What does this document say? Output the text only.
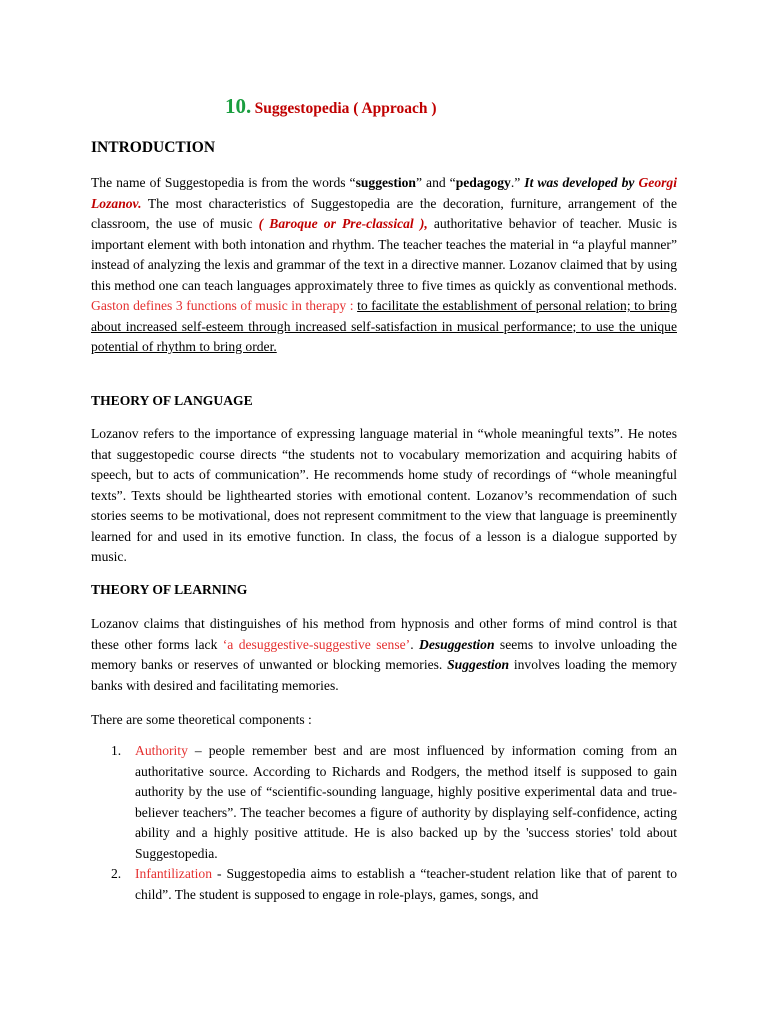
10. Suggestopedia ( Approach )
INTRODUCTION
The name of Suggestopedia is from the words “suggestion” and “pedagogy.” It was developed by Georgi Lozanov. The most characteristics of Suggestopedia are the decoration, furniture, arrangement of the classroom, the use of music ( Baroque or Pre-classical ), authoritative behavior of teacher. Music is important element with both intonation and rhythm. The teacher teaches the material in “a playful manner” instead of analyzing the lexis and grammar of the text in a directive manner. Lozanov claimed that by using this method one can teach languages approximately three to five times as quickly as conventional methods. Gaston defines 3 functions of music in therapy : to facilitate the establishment of personal relation; to bring about increased self-esteem through increased self-satisfaction in musical performance; to use the unique potential of rhythm to bring order.
THEORY OF LANGUAGE
Lozanov refers to the importance of expressing language material in “whole meaningful texts”. He notes that suggestopedic course directs “the students not to vocabulary memorization and acquiring habits of speech, but to acts of communication”. He recommends home study of recordings of “whole meaningful texts”. Texts should be lighthearted stories with emotional content. Lozanov’s recommendation of such stories seems to be motivational, does not represent commitment to the view that language is preeminently learned for and used in its emotive function. In class, the focus of a lesson is a dialogue supported by music.
THEORY OF LEARNING
Lozanov claims that distinguishes of his method from hypnosis and other forms of mind control is that these other forms lack ‘a desuggestive-suggestive sense’. Desuggestion seems to involve unloading the memory banks or reserves of unwanted or blocking memories. Suggestion involves loading the memory banks with desired and facilitating memories.
There are some theoretical components :
1. Authority – people remember best and are most influenced by information coming from an authoritative source. According to Richards and Rodgers, the method itself is supposed to gain authority by the use of “scientific-sounding language, highly positive experimental data and true-believer teachers”. The teacher becomes a figure of authority by displaying self-confidence, acting ability and a highly positive attitude. He is also backed up by the 'success stories' told about Suggestopedia.
2. Infantilization - Suggestopedia aims to establish a “teacher-student relation like that of parent to child”. The student is supposed to engage in role-plays, games, songs, and
